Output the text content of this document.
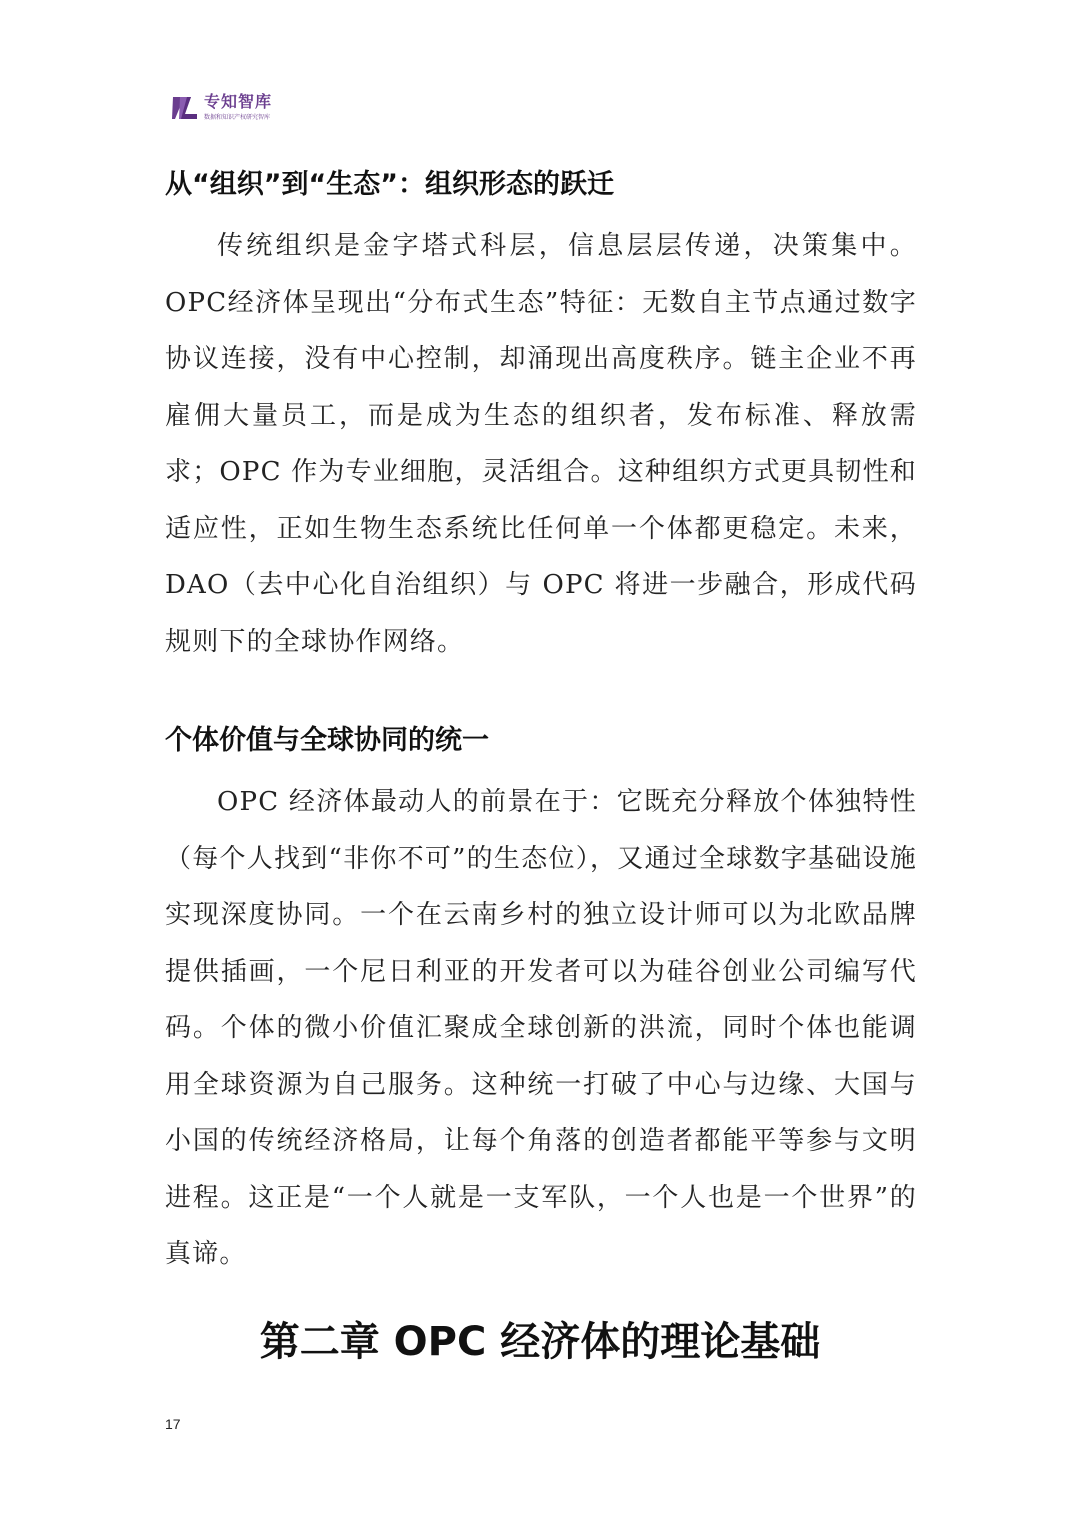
专知智库
数据和知识产权研究智库
从“组织”到“生态”：组织形态的跃迁

传统组织是金字塔式科层，信息层层传递，决策集中。OPC经济体呈现出“分布式生态”特征：无数自主节点通过数字协议连接，没有中心控制，却涌现出高度秩序。链主企业不再雇佣大量员工，而是成为生态的组织者，发布标准、释放需求；OPC 作为专业细胞，灵活组合。这种组织方式更具韧性和适应性，正如生物生态系统比任何单一个体都更稳定。未来，DAO（去中心化自治组织）与 OPC 将进一步融合，形成代码规则下的全球协作网络。

个体价值与全球协同的统一

OPC 经济体最动人的前景在于：它既充分释放个体独特性（每个人找到“非你不可”的生态位），又通过全球数字基础设施实现深度协同。一个在云南乡村的独立设计师可以为北欧品牌提供插画，一个尼日利亚的开发者可以为硅谷创业公司编写代码。个体的微小价值汇聚成全球创新的洪流，同时个体也能调用全球资源为自己服务。这种统一打破了中心与边缘、大国与小国的传统经济格局，让每个角落的创造者都能平等参与文明进程。这正是“一个人就是一支军队，一个人也是一个世界”的真谛。

第二章 OPC 经济体的理论基础
17
